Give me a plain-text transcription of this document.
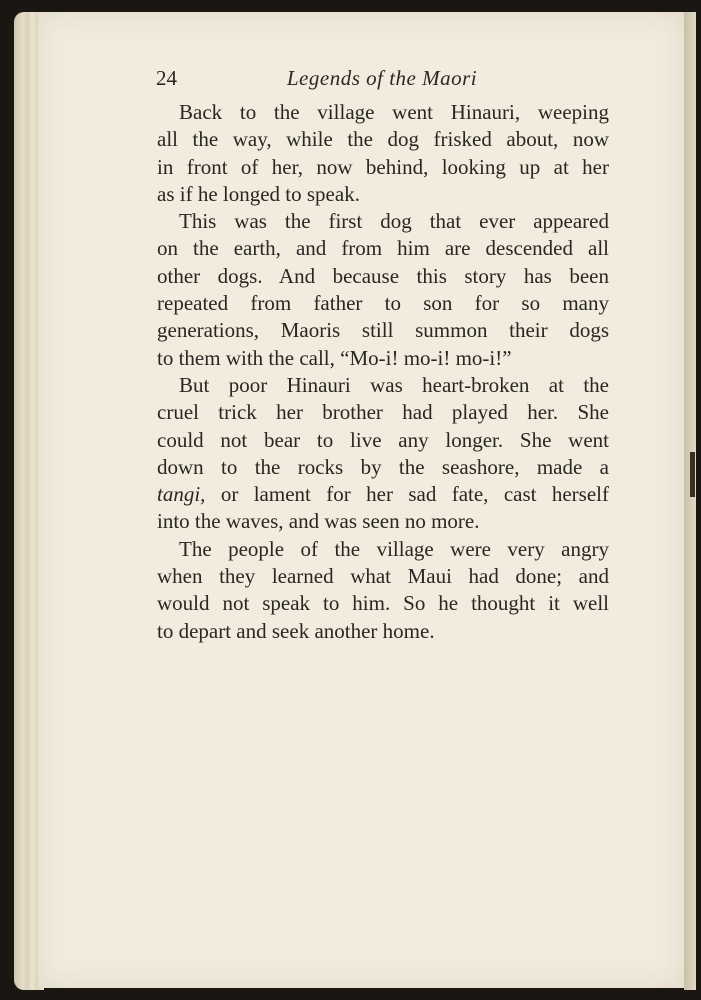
24	Legends of the Maori
Back to the village went Hinauri, weeping
all the way, while the dog frisked about, now
in front of her, now behind, looking up at her
as if he longed to speak.
This was the first dog that ever appeared
on the earth, and from him are descended all
other dogs. And because this story has been
repeated from father to son for so many
generations, Maoris still summon their dogs
to them with the call, “Mo-i! mo-i! mo-i!”
But poor Hinauri was heart-broken at the
cruel trick her brother had played her. She
could not bear to live any longer. She went
down to the rocks by the seashore, made a
tangi, or lament for her sad fate, cast herself
into the waves, and was seen no more.
The people of the village were very angry
when they learned what Maui had done; and
would not speak to him. So he thought it well
to depart and seek another home.
